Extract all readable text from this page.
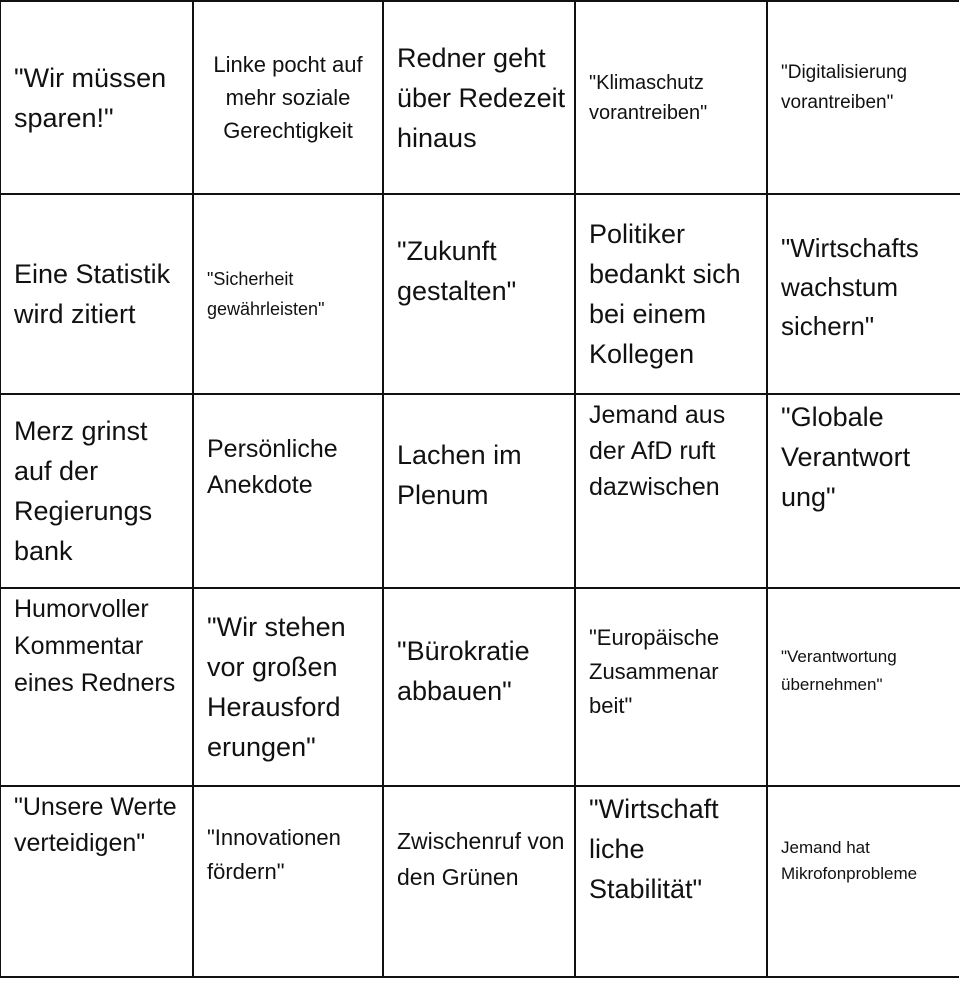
"Wir müssen sparen!"
Linke pocht auf mehr soziale Gerechtigkeit
Redner geht über Redezeit hinaus
"Klimaschutz vorantreiben"
"Digitalisierung vorantreiben"
Eine Statistik wird zitiert
"Sicherheit gewährleisten"
"Zukunft gestalten"
Politiker bedankt sich bei einem Kollegen
"Wirtschafts wachstum sichern"
Merz grinst auf der Regierungs bank
Persönliche Anekdote
Lachen im Plenum
Jemand aus der AfD ruft dazwischen
"Globale Verantwort ung"
Humorvoller Kommentar eines Redners
"Wir stehen vor großen Herausford erungen"
"Bürokratie abbauen"
"Europäische Zusammenar beit"
"Verantwortung übernehmen"
"Unsere Werte verteidigen"	"Innovationen fördern"
Zwischenruf von den Grünen
"Wirtschaft liche Stabilität"
Jemand hat Mikrofonprobleme
